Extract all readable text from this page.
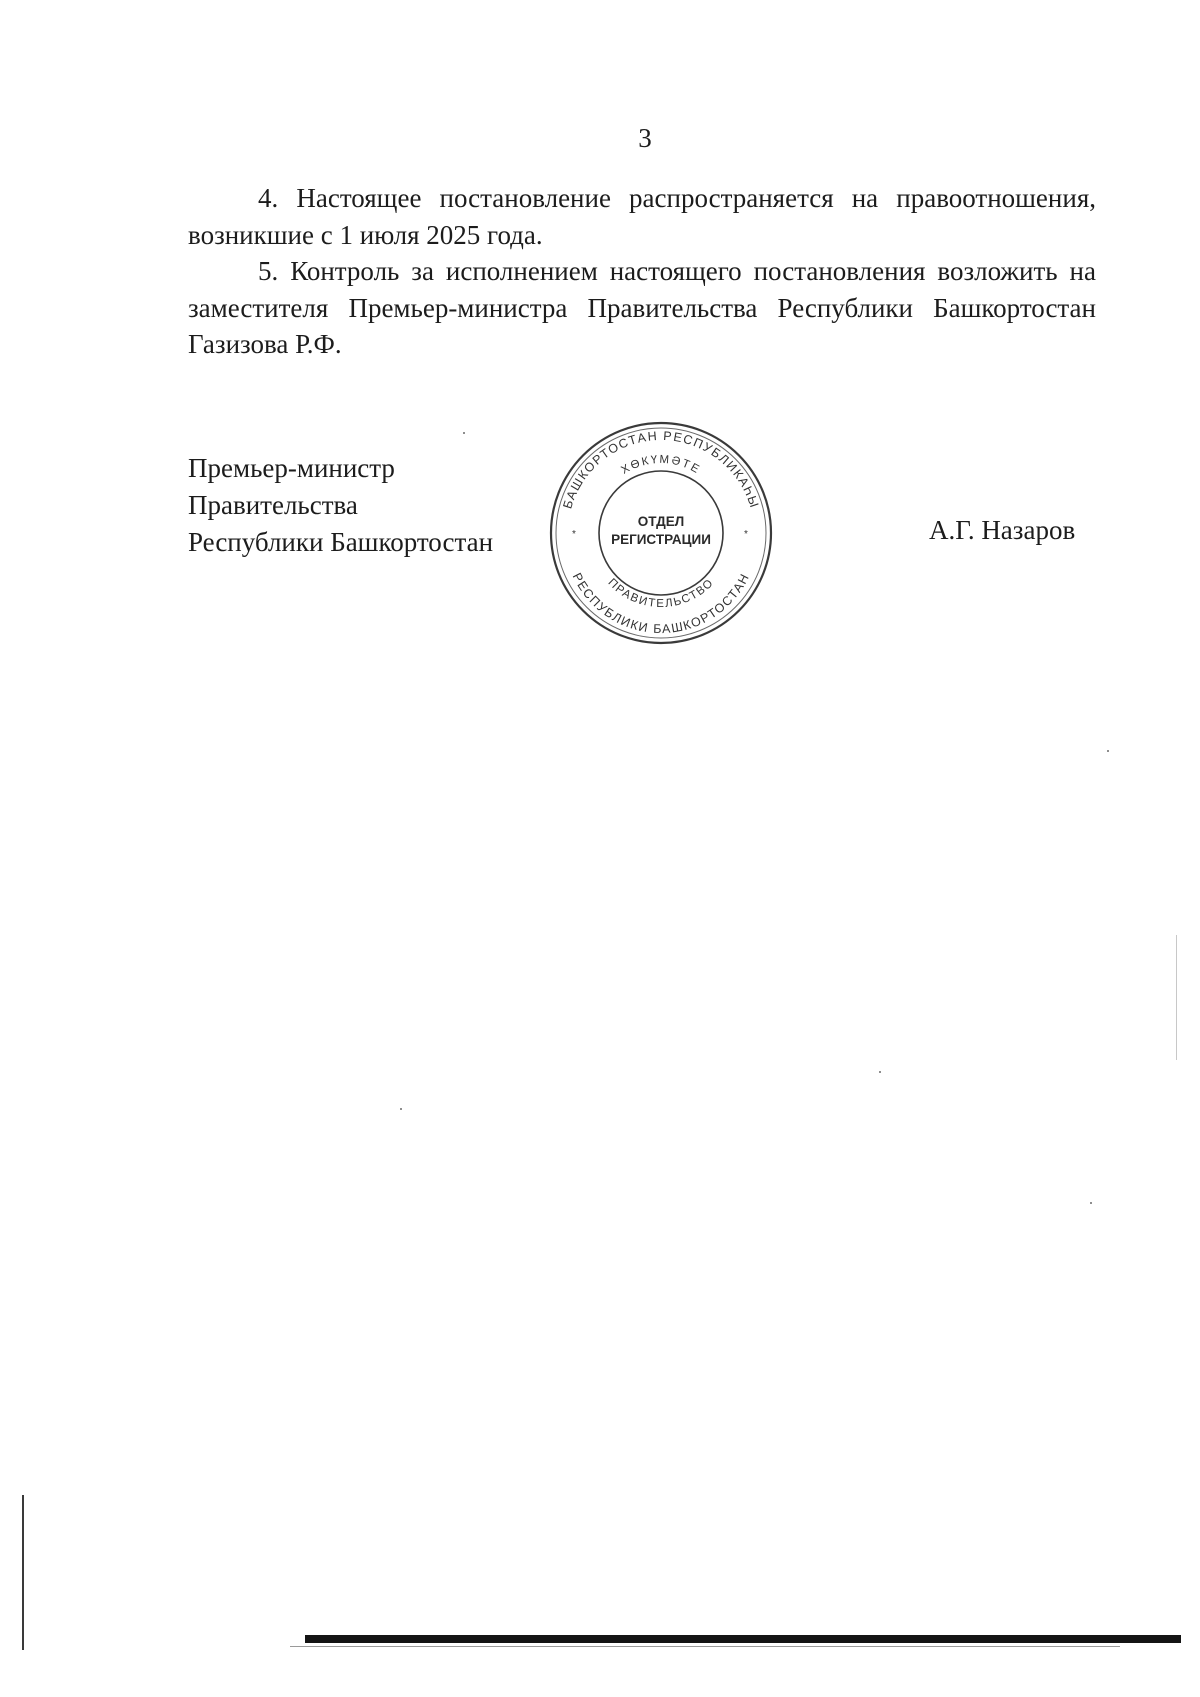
3

4. Настоящее постановление распространяется на правоотношения, возникшие с 1 июля 2025 года.

5. Контроль за исполнением настоящего постановления возложить на заместителя Премьер-министра Правительства Республики Башкортостан Газизова Р.Ф.

Премьер-министр
Правительства
Республики Башкортостан
БАШКОРТОСТАН РЕСПУБЛИКАҺЫ
ХӨКҮМӘТЕ
ПРАВИТЕЛЬСТВО
РЕСПУБЛИКИ БАШКОРТОСТАН
*	*
ОТДЕЛ
РЕГИСТРАЦИИ	А.Г. Назаров
